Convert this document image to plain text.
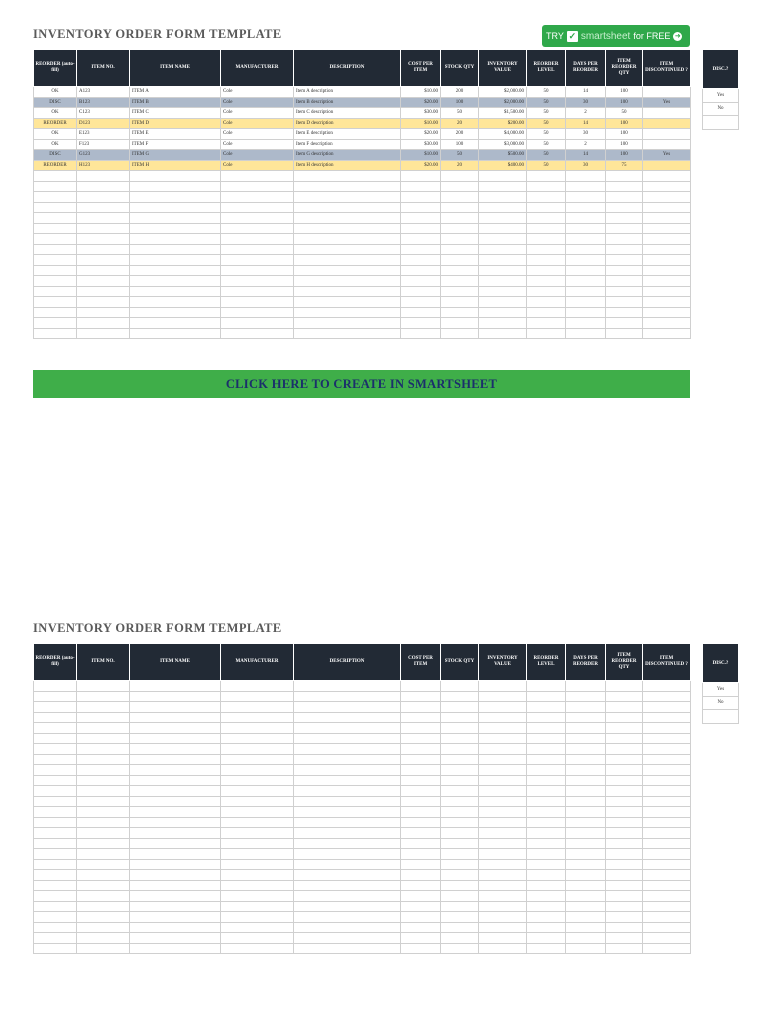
INVENTORY ORDER FORM TEMPLATE	TRY ✓ smartsheet for FREE ➜
REORDER (auto-fill)	ITEM NO.	ITEM NAME	MANUFACTURER	DESCRIPTION	COST PER ITEM	STOCK QTY	INVENTORY VALUE	REORDER LEVEL	DAYS PER REORDER	ITEM REORDER QTY	ITEM DISCONTINUED ?
OK	A123	ITEM A	Cole	Item A description	$10.00	200	$2,000.00	50	14	100	
DISC	B123	ITEM B	Cole	Item B description	$20.00	100	$2,000.00	50	30	100	Yes
OK	C123	ITEM C	Cole	Item C description	$30.00	50	$1,500.00	50	2	50	
REORDER	D123	ITEM D	Cole	Item D description	$10.00	20	$200.00	50	14	100	
OK	E123	ITEM E	Cole	Item E description	$20.00	200	$4,000.00	50	30	100	
OK	F123	ITEM F	Cole	Item F description	$30.00	100	$3,000.00	50	2	100	
DISC	G123	ITEM G	Cole	Item G description	$10.00	50	$500.00	50	14	100	Yes
REORDER	H123	ITEM H	Cole	Item H description	$20.00	20	$400.00	50	30	75	

DISC.?
Yes
No

CLICK HERE TO CREATE IN SMARTSHEET
INVENTORY ORDER FORM TEMPLATE
REORDER (auto-fill)	ITEM NO.	ITEM NAME	MANUFACTURER	DESCRIPTION	COST PER ITEM	STOCK QTY	INVENTORY VALUE	REORDER LEVEL	DAYS PER REORDER	ITEM REORDER QTY	ITEM DISCONTINUED ?

												DISC.?
Yes
No
